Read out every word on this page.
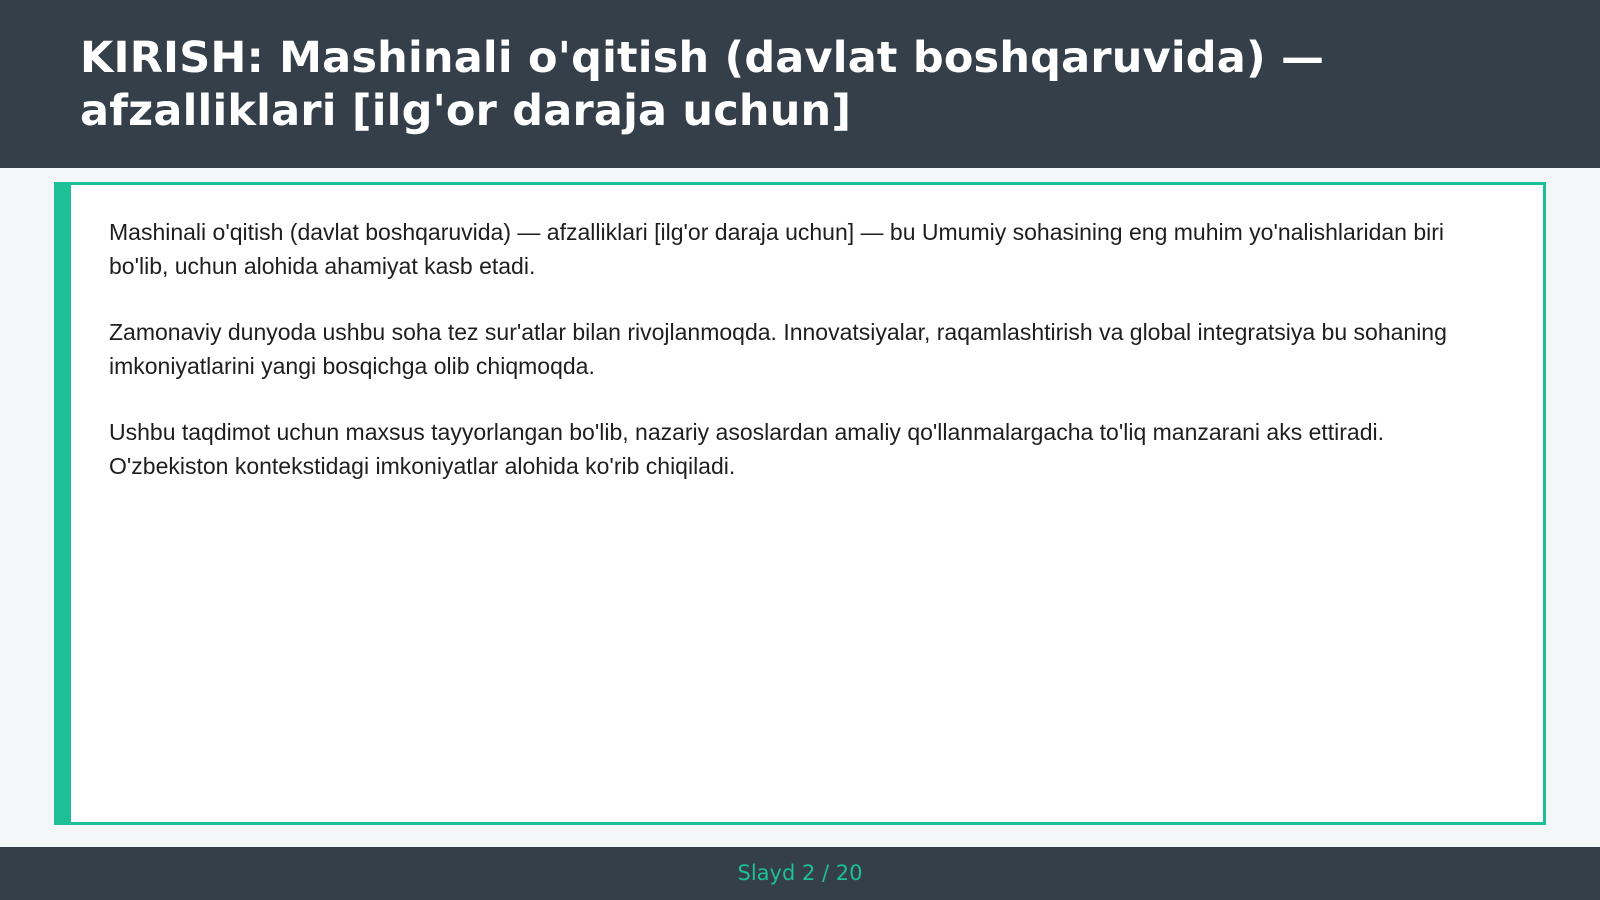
KIRISH: Mashinali o'qitish (davlat boshqaruvida) — afzalliklari [ilg'or daraja uchun]

Mashinali o'qitish (davlat boshqaruvida) — afzalliklari [ilg'or daraja uchun] — bu Umumiy sohasining eng muhim yo'nalishlaridan biri bo'lib, uchun alohida ahamiyat kasb etadi.

Zamonaviy dunyoda ushbu soha tez sur'atlar bilan rivojlanmoqda. Innovatsiyalar, raqamlashtirish va global integratsiya bu sohaning imkoniyatlarini yangi bosqichga olib chiqmoqda.

Ushbu taqdimot uchun maxsus tayyorlangan bo'lib, nazariy asoslardan amaliy qo'llanmalargacha to'liq manzarani aks ettiradi. O'zbekiston kontekstidagi imkoniyatlar alohida ko'rib chiqiladi.

Slayd 2 / 20
